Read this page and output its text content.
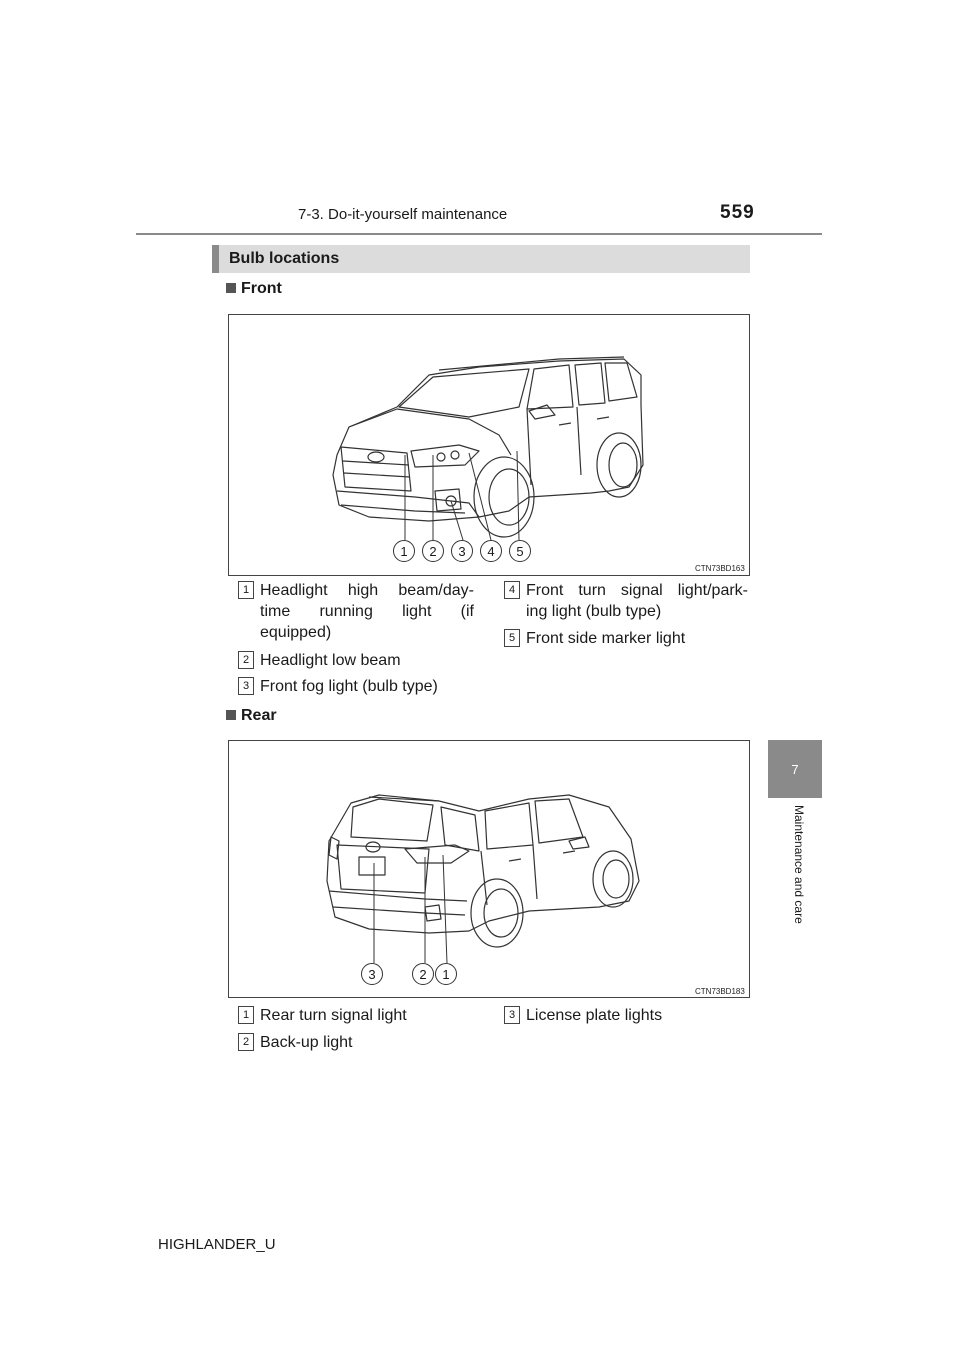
7-3. Do-it-yourself maintenance	559
7
Maintenance and care
Bulb locations
Front
1	2	3	4	5
CTN73BD163
1 Headlight high beam/day-
time running light (if
equipped)
2 Headlight low beam
3 Front fog light (bulb type)
4 Front turn signal light/park-
ing light (bulb type)
5 Front side marker light
Rear
3	2	1
CTN73BD183
1 Rear turn signal light
2 Back-up light
3 License plate lights
HIGHLANDER_U
